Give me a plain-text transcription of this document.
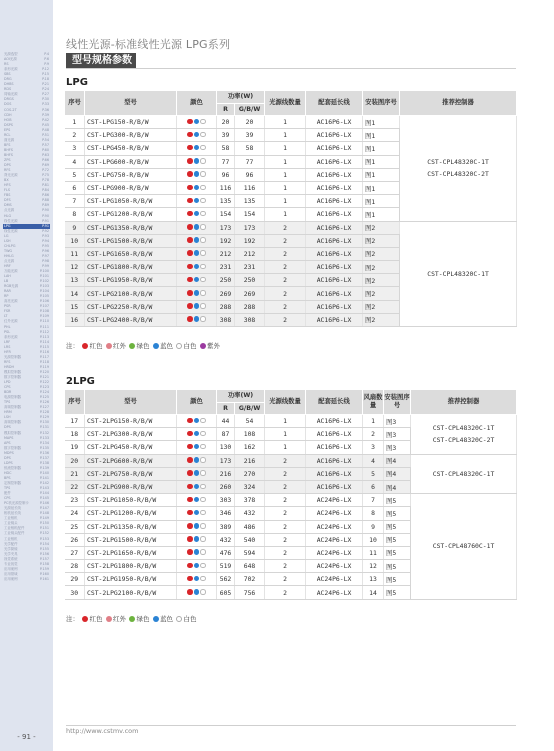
光源选型	P.4
AOI光源	P.6
RS	P.9
条形光源	P.12
SBS	P.15
DRG	P.18
DHBS	P.21
RDS	P.24
同轴光源	P.27
DRGS	P.30
DOS	P.33
COS-2T	P.36
CDH	P.39
HOB	P.42
DSPS	P.45
EPS	P.48
RCL	P.51
面光源	P.54
BFS	P.57
BHFS	P.60
BHFS	P.63
ZPS	P.66
DPS	P.69
RFS	P.72
背光光源	P.75
BX	P.78
HFS	P.81
FLS	P.84
FBS	P.86
DFS	P.88
DMS	P.89
点光源	P.90
HLG	P.90
线性光源	P.91
LPG	P.91
线性光源	P.92
LG	P.93
LSH	P.94
CHLPG	P.95
TWG	P.96
HHLG	P.97
点光源	P.98
HRF	P.99
万能光源	P.100
LAH	P.101
LB	P.102
RGB光源	P.103
RAR	P.104
RP	P.105
高亮光源	P.106
PSR	P.107
FSR	P.108
LT	P.109
红外光源	P.110
PHL	P.111
PSL	P.112
条形光源	P.113
LRF	P.114
LRS	P.115
HFR	P.116
光源控制器	P.117
RFS	P.118
HRDH	P.119
模拟控制器	P.120
数字控制器	P.121
LPD	P.122
CPS	P.123
BDR	P.124
电源控制器	P.125
TPS	P.126
高频控制器	P.127
HRM	P.128
LSH	P.129
高频控制器	P.130
DPS	P.131
模拟控制器	P.132
MAPS	P.133
APS	P.134
数字控制器	P.135
MDPS	P.136
DPS	P.137
LDPS	P.138
恒流控制器	P.139
HDC	P.140
BPS	P.141
定制控制器	P.142
TPS	P.143
配件	P.144
CPS	P.145
PC机光源控制卡	P.146
光源延长线	P.147
相机延长线	P.148
工业相机	P.149
工业镜头	P.150
工业相机配件	P.151
工业镜头配件	P.152
工业相机	P.153
光学配件	P.154
光学筒镜	P.155
光学夹具	P.156
视觉系统	P.157
专业视觉	P.158
应用案例	P.159
应用领域	P.160
应用案例	P.161
- 91 -
线性光源-标准线性光源 LPG系列
型号规格参数
LPG
序号	型号	颜色	功率(W)		光源线数量	配套延长线	安装图序号	推荐控制器
			R	G/B/W				
1	CST-LPG150-R/B/W		20	20	1	AC16P6-LX	图1	CST-CPL48320C-1T
CST-CPL48320C-2T

2	CST-LPG300-R/B/W		39	39	1	AC16P6-LX	图1	
3	CST-LPG450-R/B/W		58	58	1	AC16P6-LX	图1	
4	CST-LPG600-R/B/W		77	77	1	AC16P6-LX	图1	
5	CST-LPG750-R/B/W		96	96	1	AC16P6-LX	图1	
6	CST-LPG900-R/B/W		116	116	1	AC16P6-LX	图1	
7	CST-LPG1050-R/B/W		135	135	1	AC16P6-LX	图1	
8	CST-LPG1200-R/B/W		154	154	1	AC16P6-LX	图1	
9	CST-LPG1350-R/B/W		173	173	2	AC16P6-LX	图2	CST-CPL48320C-1T

10	CST-LPG1500-R/B/W		192	192	2	AC16P6-LX	图2	
11	CST-LPG1650-R/B/W		212	212	2	AC16P6-LX	图2	
12	CST-LPG1800-R/B/W		231	231	2	AC16P6-LX	图2	
13	CST-LPG1950-R/B/W		250	250	2	AC16P6-LX	图2	
14	CST-LPG2100-R/B/W		269	269	2	AC16P6-LX	图2	
15	CST-LPG2250-R/B/W		288	288	2	AC16P6-LX	图2	
16	CST-LPG2400-R/B/W		308	308	2	AC16P6-LX	图2	
注： 红色 红外 绿色 蓝色 白色 紫外
2LPG
序号	型号	颜色	功率(W)		光源线数量	配套延长线	风扇数量	安装图序号	推荐控制器
			R	G/B/W					
17	CST-2LPG150-R/B/W		44	54	1	AC16P6-LX	1	图3	CST-CPL48320C-1T
CST-CPL48320C-2T

18	CST-2LPG300-R/B/W		87	108	1	AC16P6-LX	2	图3	
19	CST-2LPG450-R/B/W		130	162	1	AC16P6-LX	3	图3	
20	CST-2LPG600-R/B/W		173	216	2	AC16P6-LX	4	图4	CST-CPL48320C-1T

21	CST-2LPG750-R/B/W		216	270	2	AC16P6-LX	5	图4	
22	CST-2LPG900-R/B/W		260	324	2	AC16P6-LX	6	图4	
23	CST-2LPG1050-R/B/W		303	378	2	AC24P6-LX	7	图5	CST-CPL48760C-1T

24	CST-2LPG1200-R/B/W		346	432	2	AC24P6-LX	8	图5	
25	CST-2LPG1350-R/B/W		389	486	2	AC24P6-LX	9	图5	
26	CST-2LPG1500-R/B/W		432	540	2	AC24P6-LX	10	图5	
27	CST-2LPG1650-R/B/W		476	594	2	AC24P6-LX	11	图5	
28	CST-2LPG1800-R/B/W		519	648	2	AC24P6-LX	12	图5	
29	CST-2LPG1950-R/B/W		562	702	2	AC24P6-LX	13	图5	
30	CST-2LPG2100-R/B/W		605	756	2	AC24P6-LX	14	图5	
注： 红色 红外 绿色 蓝色 白色
http://www.cstmv.com
